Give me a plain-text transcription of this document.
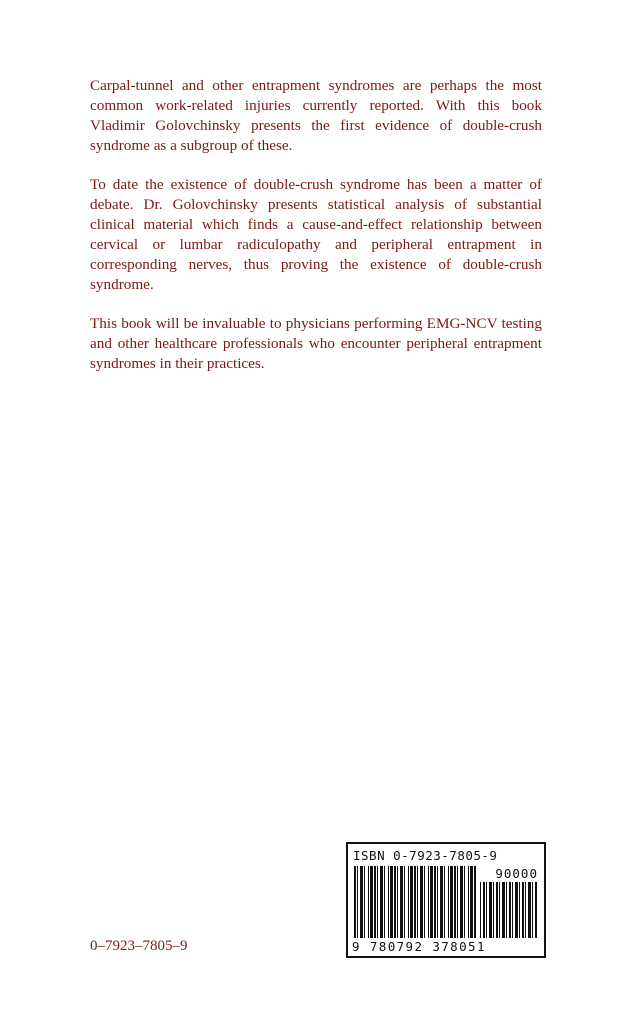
Carpal-tunnel and other entrapment syndromes are perhaps the most common work-related injuries currently reported. With this book Vladimir Golovchinsky presents the first evidence of double-crush syndrome as a subgroup of these.

To date the existence of double-crush syndrome has been a matter of debate. Dr. Golovchinsky presents statistical analysis of substantial clinical material which finds a cause-and-effect relationship between cervical or lumbar radiculopathy and peripheral entrapment in corresponding nerves, thus proving the existence of double-crush syndrome.

This book will be invaluable to physicians performing EMG-NCV testing and other healthcare professionals who encounter peripheral entrapment syndromes in their practices.

ISBN 0-7923-7805-9
90000
9 780792 378051
0–7923–7805–9
